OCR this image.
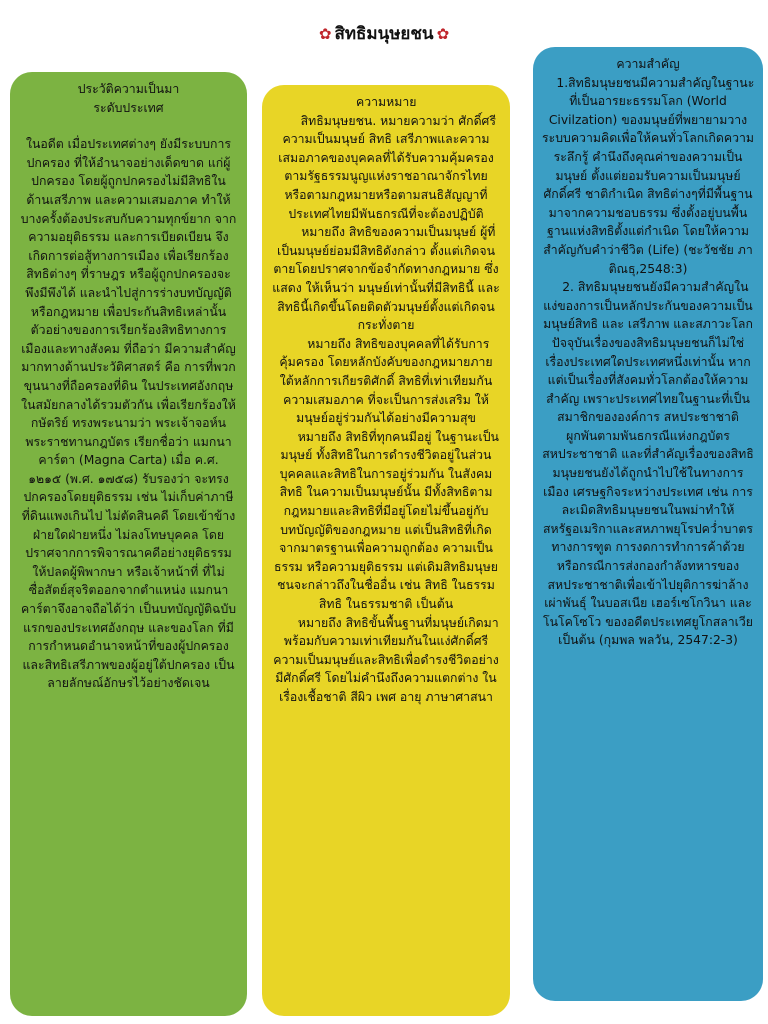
✿ สิทธิมนุษยชน ✿
ประวัติความเป็นมา
ระดับประเทศ

ในอดีต เมื่อประเทศต่างๆ ยังมีระบบการปกครอง ที่ให้อำนาจอย่างเด็ดขาด แก่ผู้ปกครอง โดยผู้ถูกปกครองไม่มีสิทธิในด้านเสรีภาพ และความเสมอภาค ทำให้บางครั้งต้องประสบกับความทุกข์ยาก จากความอยุติธรรม และการเบียดเบียน จึงเกิดการต่อสู้ทางการเมือง เพื่อเรียกร้องสิทธิต่างๆ ที่ราษฎร หรือผู้ถูกปกครองจะพึงมีพึงได้ และนำไปสู่การร่างบทบัญญัติ หรือกฎหมาย เพื่อประกันสิทธิเหล่านั้น ตัวอย่างของการเรียกร้องสิทธิทางการเมืองและทางสังคม ที่ถือว่า มีความสำคัญมากทางด้านประวัติศาสตร์ คือ การที่พวกขุนนางที่ถือครองที่ดิน ในประเทศอังกฤษในสมัยกลางได้รวมตัวกัน เพื่อเรียกร้องให้กษัตริย์ ทรงพระนามว่า พระเจ้าจอห์น พระราชทานกฎบัตร เรียกชื่อว่า แมกนาคาร์ตา (Magna Carta) เมื่อ ค.ศ. ๑๒๑๕ (พ.ศ. ๑๗๕๘) รับรองว่า จะทรงปกครองโดยยุติธรรม เช่น ไม่เก็บค่าภาษีที่ดินแพงเกินไป ไม่ตัดสินคดี โดยเข้าข้างฝ่ายใดฝ่ายหนึ่ง ไม่ลงโทษบุคคล โดยปราศจากการพิจารณาคดีอย่างยุติธรรม ให้ปลดผู้พิพากษา หรือเจ้าหน้าที่ ที่ไม่ซื่อสัตย์สุจริตออกจากตำแหน่ง แมกนา คาร์ตาจึงอาจถือได้ว่า เป็นบทบัญญัติฉบับแรกของประเทศอังกฤษ และของโลก ที่มีการกำหนดอำนาจหน้าที่ของผู้ปกครองและสิทธิเสรีภาพของผู้อยู่ใต้ปกครอง เป็นลายลักษณ์อักษรไว้อย่างชัดเจน

ความหมาย

สิทธิมนุษยชน. หมายความว่า ศักดิ์ศรีความเป็นมนุษย์ สิทธิ เสรีภาพและความเสมอภาคของบุคคลที่ได้รับความคุ้มครองตามรัฐธรรมนูญแห่งราชอาณาจักรไทย หรือตามกฎหมายหรือตามสนธิสัญญาที่ประเทศไทยมีพันธกรณีที่จะต้องปฏิบัติ

หมายถึง สิทธิของความเป็นมนุษย์ ผู้ที่เป็นมนุษย์ย่อมมีสิทธิดังกล่าว ตั้งแต่เกิดจนตายโดยปราศจากข้อจำกัดทางกฎหมาย ซึ่งแสดง ให้เห็นว่า มนุษย์เท่านั้นที่มีสิทธินี้ และสิทธินี้เกิดขึ้นโดยติดตัวมนุษย์ตั้งแต่เกิดจนกระทั่งตาย

หมายถึง สิทธิของบุคคลที่ได้รับการคุ้มครอง โดยหลักบังคับของกฎหมายภาย ใต้หลักการเกียรติศักดิ์ สิทธิที่เท่าเทียมกัน ความเสมอภาค ที่จะเป็นการส่งเสริม ให้มนุษย์อยู่ร่วมกันได้อย่างมีความสุข

หมายถึง สิทธิที่ทุกคนมีอยู่ ในฐานะเป็นมนุษย์ ทั้งสิทธิในการดำรงชีวิตอยู่ในส่วนบุคคลและสิทธิในการอยู่ร่วมกัน ในสังคม สิทธิ ในความเป็นมนุษย์นั้น มีทั้งสิทธิตามกฎหมายและสิทธิที่มีอยู่โดยไม่ขึ้นอยู่กับบทบัญญัติของกฎหมาย แต่เป็นสิทธิที่เกิดจากมาตรฐานเพื่อความถูกต้อง ความเป็นธรรม หรือความยุติธรรม แต่เดิมสิทธิมนุษยชนจะกล่าวถึงในชื่ออื่น เช่น สิทธิ ในธรรม สิทธิ ในธรรมชาติ เป็นต้น

หมายถึง สิทธิขั้นพื้นฐานที่มนุษย์เกิดมาพร้อมกับความเท่าเทียมกันในแง่ศักดิ์ศรีความเป็นมนุษย์และสิทธิเพื่อดำรงชีวิตอย่างมีศักดิ์ศรี โดยไม่คำนึงถึงความแตกต่าง ในเรื่องเชื้อชาติ สีผิว เพศ อายุ ภาษาศาสนา

ความสำคัญ

1.สิทธิมนุษยชนมีความสำคัญในฐานะที่เป็นอารยะธรรมโลก (World Civilzation) ของมนุษย์ที่พยายามวางระบบความคิดเพื่อให้คนทั่วโลกเกิดความระลึกรู้ คำนึงถึงคุณค่าของความเป็นมนุษย์ ตั้งแต่ยอมรับความเป็นมนุษย์ ศักดิ์ศรี ชาติกำเนิด สิทธิต่างๆที่มีพื้นฐานมาจากความชอบธรรม ซึ่งตั้งอยู่บนพื้นฐานแห่งสิทธิตั้งแต่กำเนิด โดยให้ความสำคัญกับคำว่าชีวิต (Life) (ชะวัชชัย ภาติณธุ,2548:3)

2. สิทธิมนุษยชนยังมีความสำคัญในแง่ของการเป็นหลักประกันของความเป็นมนุษย์สิทธิ และ เสรีภาพ และสภาวะโลกปัจจุบันเรื่องของสิทธิมนุษยชนก็ไม่ใช่เรื่องประเทศใดประเทศหนึ่งเท่านั้น หากแต่เป็นเรื่องที่สังคมทั่วโลกต้องให้ความสำคัญ เพราะประเทศไทยในฐานะที่เป็นสมาชิกขององค์การ สหประชาชาติ ผูกพันตามพันธกรณีแห่งกฎบัตร สหประชาชาติ และที่สำคัญเรื่องของสิทธิมนุษยชนยังได้ถูกนำไปใช้ในทางการเมือง เศรษฐกิจระหว่างประเทศ เช่น การละเมิดสิทธิมนุษยชนในพม่าทำให้สหรัฐอเมริกาและสหภาพยุโรปคว่ำบาตรทางการฑูต การงดการทำการค้าด้วย หรือกรณีการส่งกองกำลังทหารของ สหประชาชาติเพื่อเข้าไปยุติการฆ่าล้างเผ่าพันธุ์ ในบอสเนีย เฮอร์เซโกวินา และ โนโคโซโว ของอดีตประเทศยูโกสลาเวีย เป็นต้น (กุมพล พลวัน, 2547:2-3)
